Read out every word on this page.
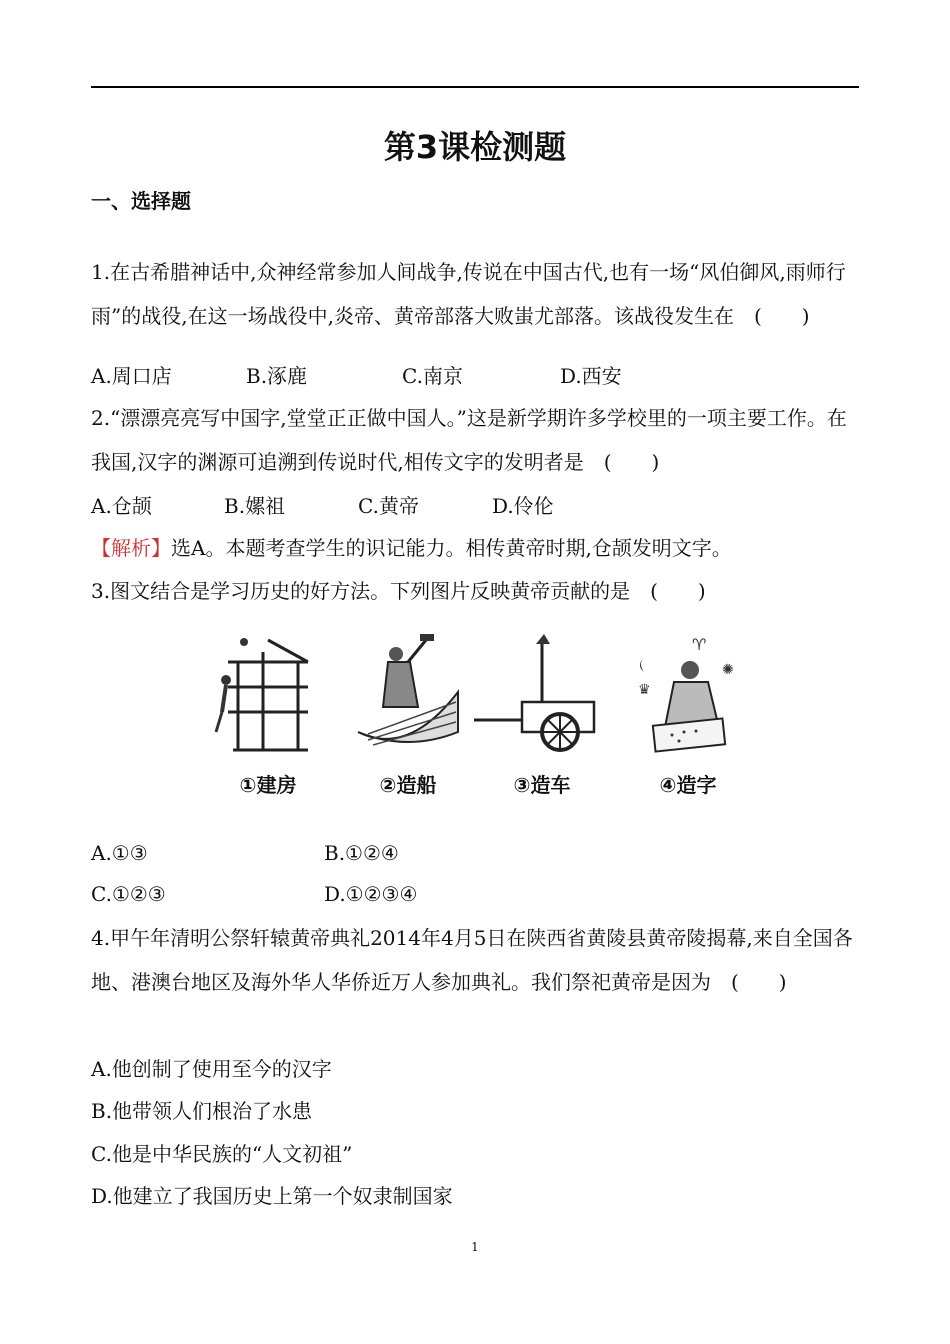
第3课检测题
一、选择题
1.在古希腊神话中,众神经常参加人间战争,传说在中国古代,也有一场“风伯御风,雨师行雨”的战役,在这一场战役中,炎帝、黄帝部落大败蚩尤部落。该战役发生在　(　　)
A.周口店	B.涿鹿	C.南京	D.西安
2.“漂漂亮亮写中国字,堂堂正正做中国人。”这是新学期许多学校里的一项主要工作。在我国,汉字的渊源可追溯到传说时代,相传文字的发明者是　(　　)
A.仓颉	B.嫘祖	C.黄帝	D.伶伦
【解析】选A。本题考查学生的识记能力。相传黄帝时期,仓颉发明文字。
3.图文结合是学习历史的好方法。下列图片反映黄帝贡献的是　(　　)
♈
✺
♛
①建房	②造船	③造车	④造字
A.①③	B.①②④
C.①②③	D.①②③④
4.甲午年清明公祭轩辕黄帝典礼2014年4月5日在陕西省黄陵县黄帝陵揭幕,来自全国各地、港澳台地区及海外华人华侨近万人参加典礼。我们祭祀黄帝是因为　(　　)
A.他创制了使用至今的汉字
B.他带领人们根治了水患
C.他是中华民族的“人文初祖”
D.他建立了我国历史上第一个奴隶制国家
1
